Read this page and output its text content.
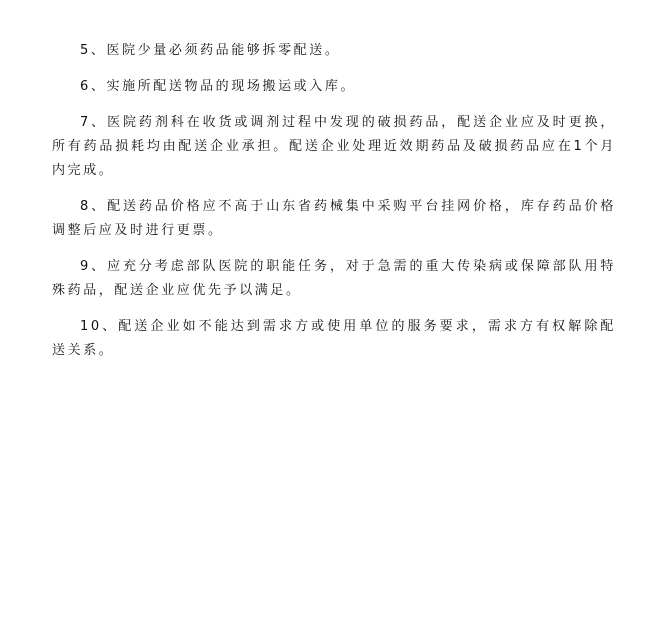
5、医院少量必须药品能够拆零配送。

6、实施所配送物品的现场搬运或入库。

7、医院药剂科在收货或调剂过程中发现的破损药品，配送企业应及时更换，所有药品损耗均由配送企业承担。配送企业处理近效期药品及破损药品应在1个月内完成。

8、配送药品价格应不高于山东省药械集中采购平台挂网价格，库存药品价格调整后应及时进行更票。

9、应充分考虑部队医院的职能任务，对于急需的重大传染病或保障部队用特殊药品，配送企业应优先予以满足。

10、配送企业如不能达到需求方或使用单位的服务要求，需求方有权解除配送关系。
